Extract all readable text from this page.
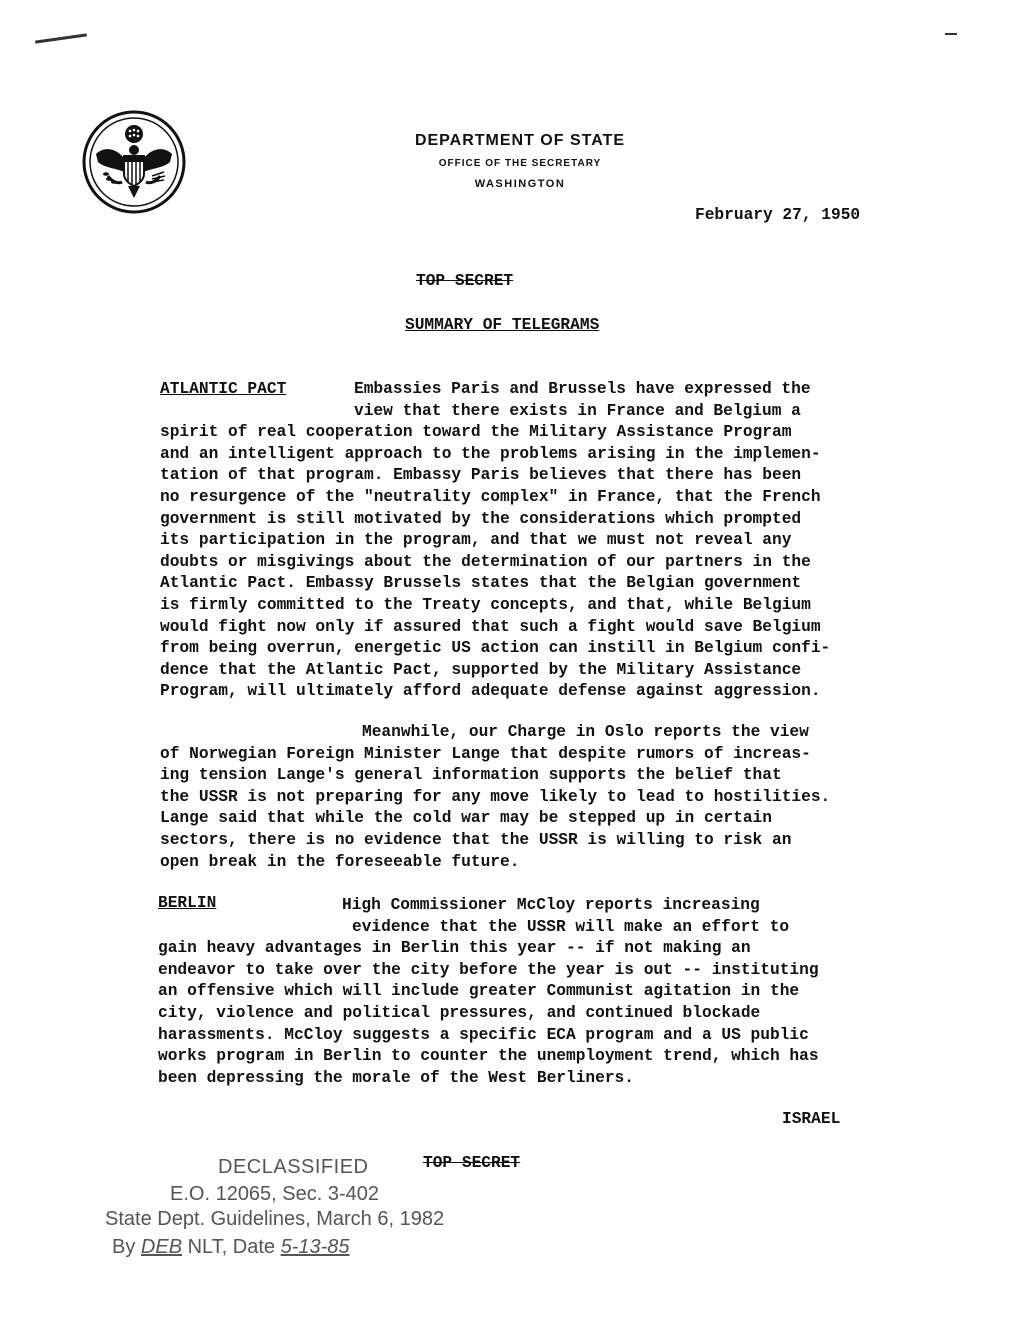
DEPARTMENT OF STATE
OFFICE OF THE SECRETARY
WASHINGTON
February 27, 1950
TOP SECRET
SUMMARY OF TELEGRAMS
ATLANTIC PACT	Embassies Paris and Brussels have expressed the
view that there exists in France and Belgium a
spirit of real cooperation toward the Military Assistance Program
and an intelligent approach to the problems arising in the implemen-
tation of that program. Embassy Paris believes that there has been
no resurgence of the "neutrality complex" in France, that the French
government is still motivated by the considerations which prompted
its participation in the program, and that we must not reveal any
doubts or misgivings about the determination of our partners in the
Atlantic Pact. Embassy Brussels states that the Belgian government
is firmly committed to the Treaty concepts, and that, while Belgium
would fight now only if assured that such a fight would save Belgium
from being overrun, energetic US action can instill in Belgium confi-
dence that the Atlantic Pact, supported by the Military Assistance
Program, will ultimately afford adequate defense against aggression.
Meanwhile, our Charge in Oslo reports the view
of Norwegian Foreign Minister Lange that despite rumors of increas-
ing tension Lange's general information supports the belief that
the USSR is not preparing for any move likely to lead to hostilities.
Lange said that while the cold war may be stepped up in certain
sectors, there is no evidence that the USSR is willing to risk an
open break in the foreseeable future.
BERLIN	High Commissioner McCloy reports increasing
evidence that the USSR will make an effort to
gain heavy advantages in Berlin this year -- if not making an
endeavor to take over the city before the year is out -- instituting
an offensive which will include greater Communist agitation in the
city, violence and political pressures, and continued blockade
harassments. McCloy suggests a specific ECA program and a US public
works program in Berlin to counter the unemployment trend, which has
been depressing the morale of the West Berliners.
ISRAEL
TOP SECRET
DECLASSIFIED
E.O. 12065, Sec. 3-402
State Dept. Guidelines, March 6, 1982
By DEB NLT, Date 5-13-85
